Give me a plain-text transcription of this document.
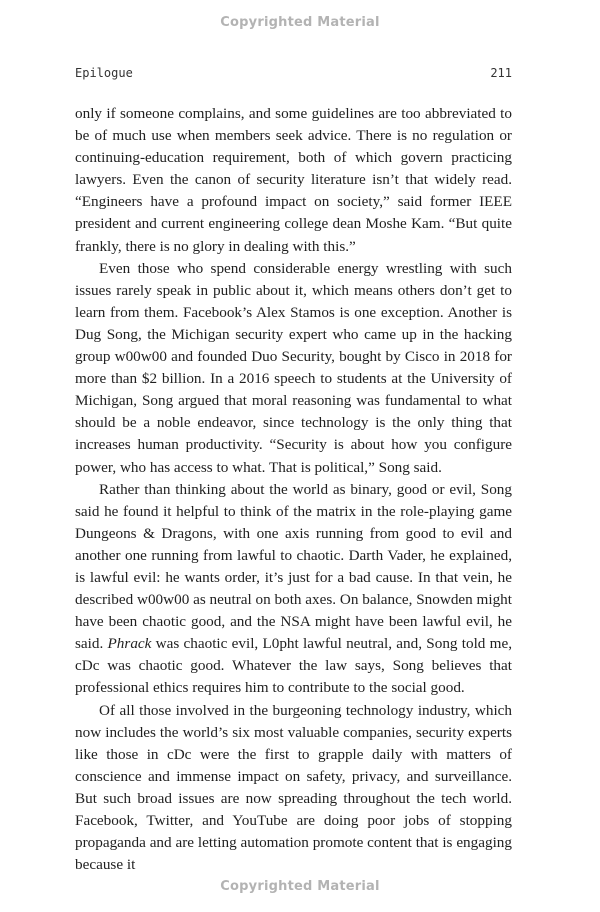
Copyrighted Material
Epilogue	211

only if someone complains, and some guidelines are too abbreviated to be of much use when members seek advice. There is no regulation or continuing-education requirement, both of which govern practicing lawyers. Even the canon of security literature isn’t that widely read. “Engineers have a profound impact on society,” said former IEEE president and current engineering college dean Moshe Kam. “But quite frankly, there is no glory in dealing with this.”

Even those who spend considerable energy wrestling with such issues rarely speak in public about it, which means others don’t get to learn from them. Facebook’s Alex Stamos is one exception. Another is Dug Song, the Michigan security expert who came up in the hacking group w00w00 and founded Duo Security, bought by Cisco in 2018 for more than $2 billion. In a 2016 speech to students at the University of Michigan, Song argued that moral reasoning was fundamental to what should be a noble endeavor, since technology is the only thing that increases human productivity. “Security is about how you configure power, who has access to what. That is political,” Song said.

Rather than thinking about the world as binary, good or evil, Song said he found it helpful to think of the matrix in the role-playing game Dungeons & Dragons, with one axis running from good to evil and another one running from lawful to chaotic. Darth Vader, he explained, is lawful evil: he wants order, it’s just for a bad cause. In that vein, he described w00w00 as neutral on both axes. On balance, Snowden might have been chaotic good, and the NSA might have been lawful evil, he said. Phrack was chaotic evil, L0pht lawful neutral, and, Song told me, cDc was chaotic good. Whatever the law says, Song believes that professional ethics requires him to contribute to the social good.

Of all those involved in the burgeoning technology industry, which now includes the world’s six most valuable companies, security experts like those in cDc were the first to grapple daily with matters of conscience and immense impact on safety, privacy, and surveillance. But such broad issues are now spreading throughout the tech world. Facebook, Twitter, and YouTube are doing poor jobs of stopping propaganda and are letting automation promote content that is engaging because it

Copyrighted Material
